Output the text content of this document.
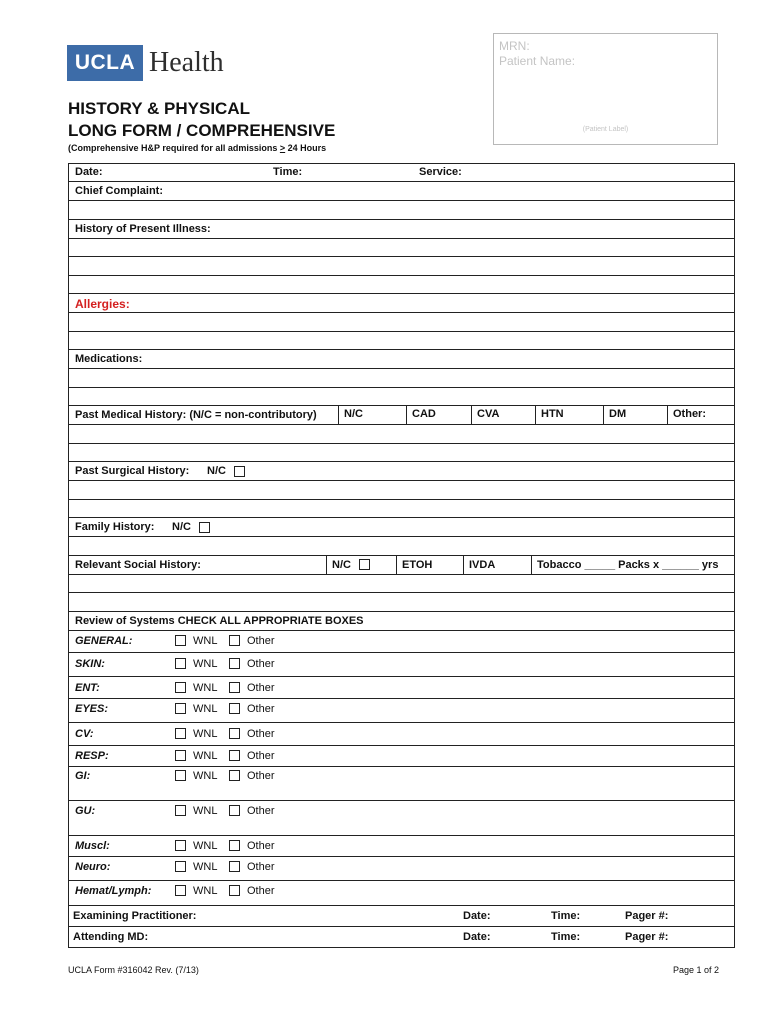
UCLA Health
HISTORY & PHYSICAL
LONG FORM / COMPREHENSIVE
(Comprehensive H&P required for all admissions > 24 Hours
MRN:
Patient Name:
(Patient Label)
Date:	Time:	Service:
Chief Complaint:
History of Present Illness:
Allergies:
Medications:
Past Medical History: (N/C = non-contributory)	N/C	CAD	CVA	HTN	DM	Other:
Past Surgical History: N/C
Family History: N/C
Relevant Social History:	N/C	ETOH	IVDA	Tobacco _____ Packs x ______ yrs
Review of Systems CHECK ALL APPROPRIATE BOXES
GENERAL:	WNL	Other
SKIN:	WNL	Other
ENT:	WNL	Other
EYES:	WNL	Other
CV:	WNL	Other
RESP:	WNL	Other
GI:	WNL	Other
GU:	WNL	Other
Muscl:	WNL	Other
Neuro:	WNL	Other
Hemat/Lymph:	WNL	Other
Examining Practitioner:	Date:	Time:	Pager #:
Attending MD:	Date:	Time:	Pager #:
UCLA Form #316042 Rev. (7/13)	Page 1 of 2
